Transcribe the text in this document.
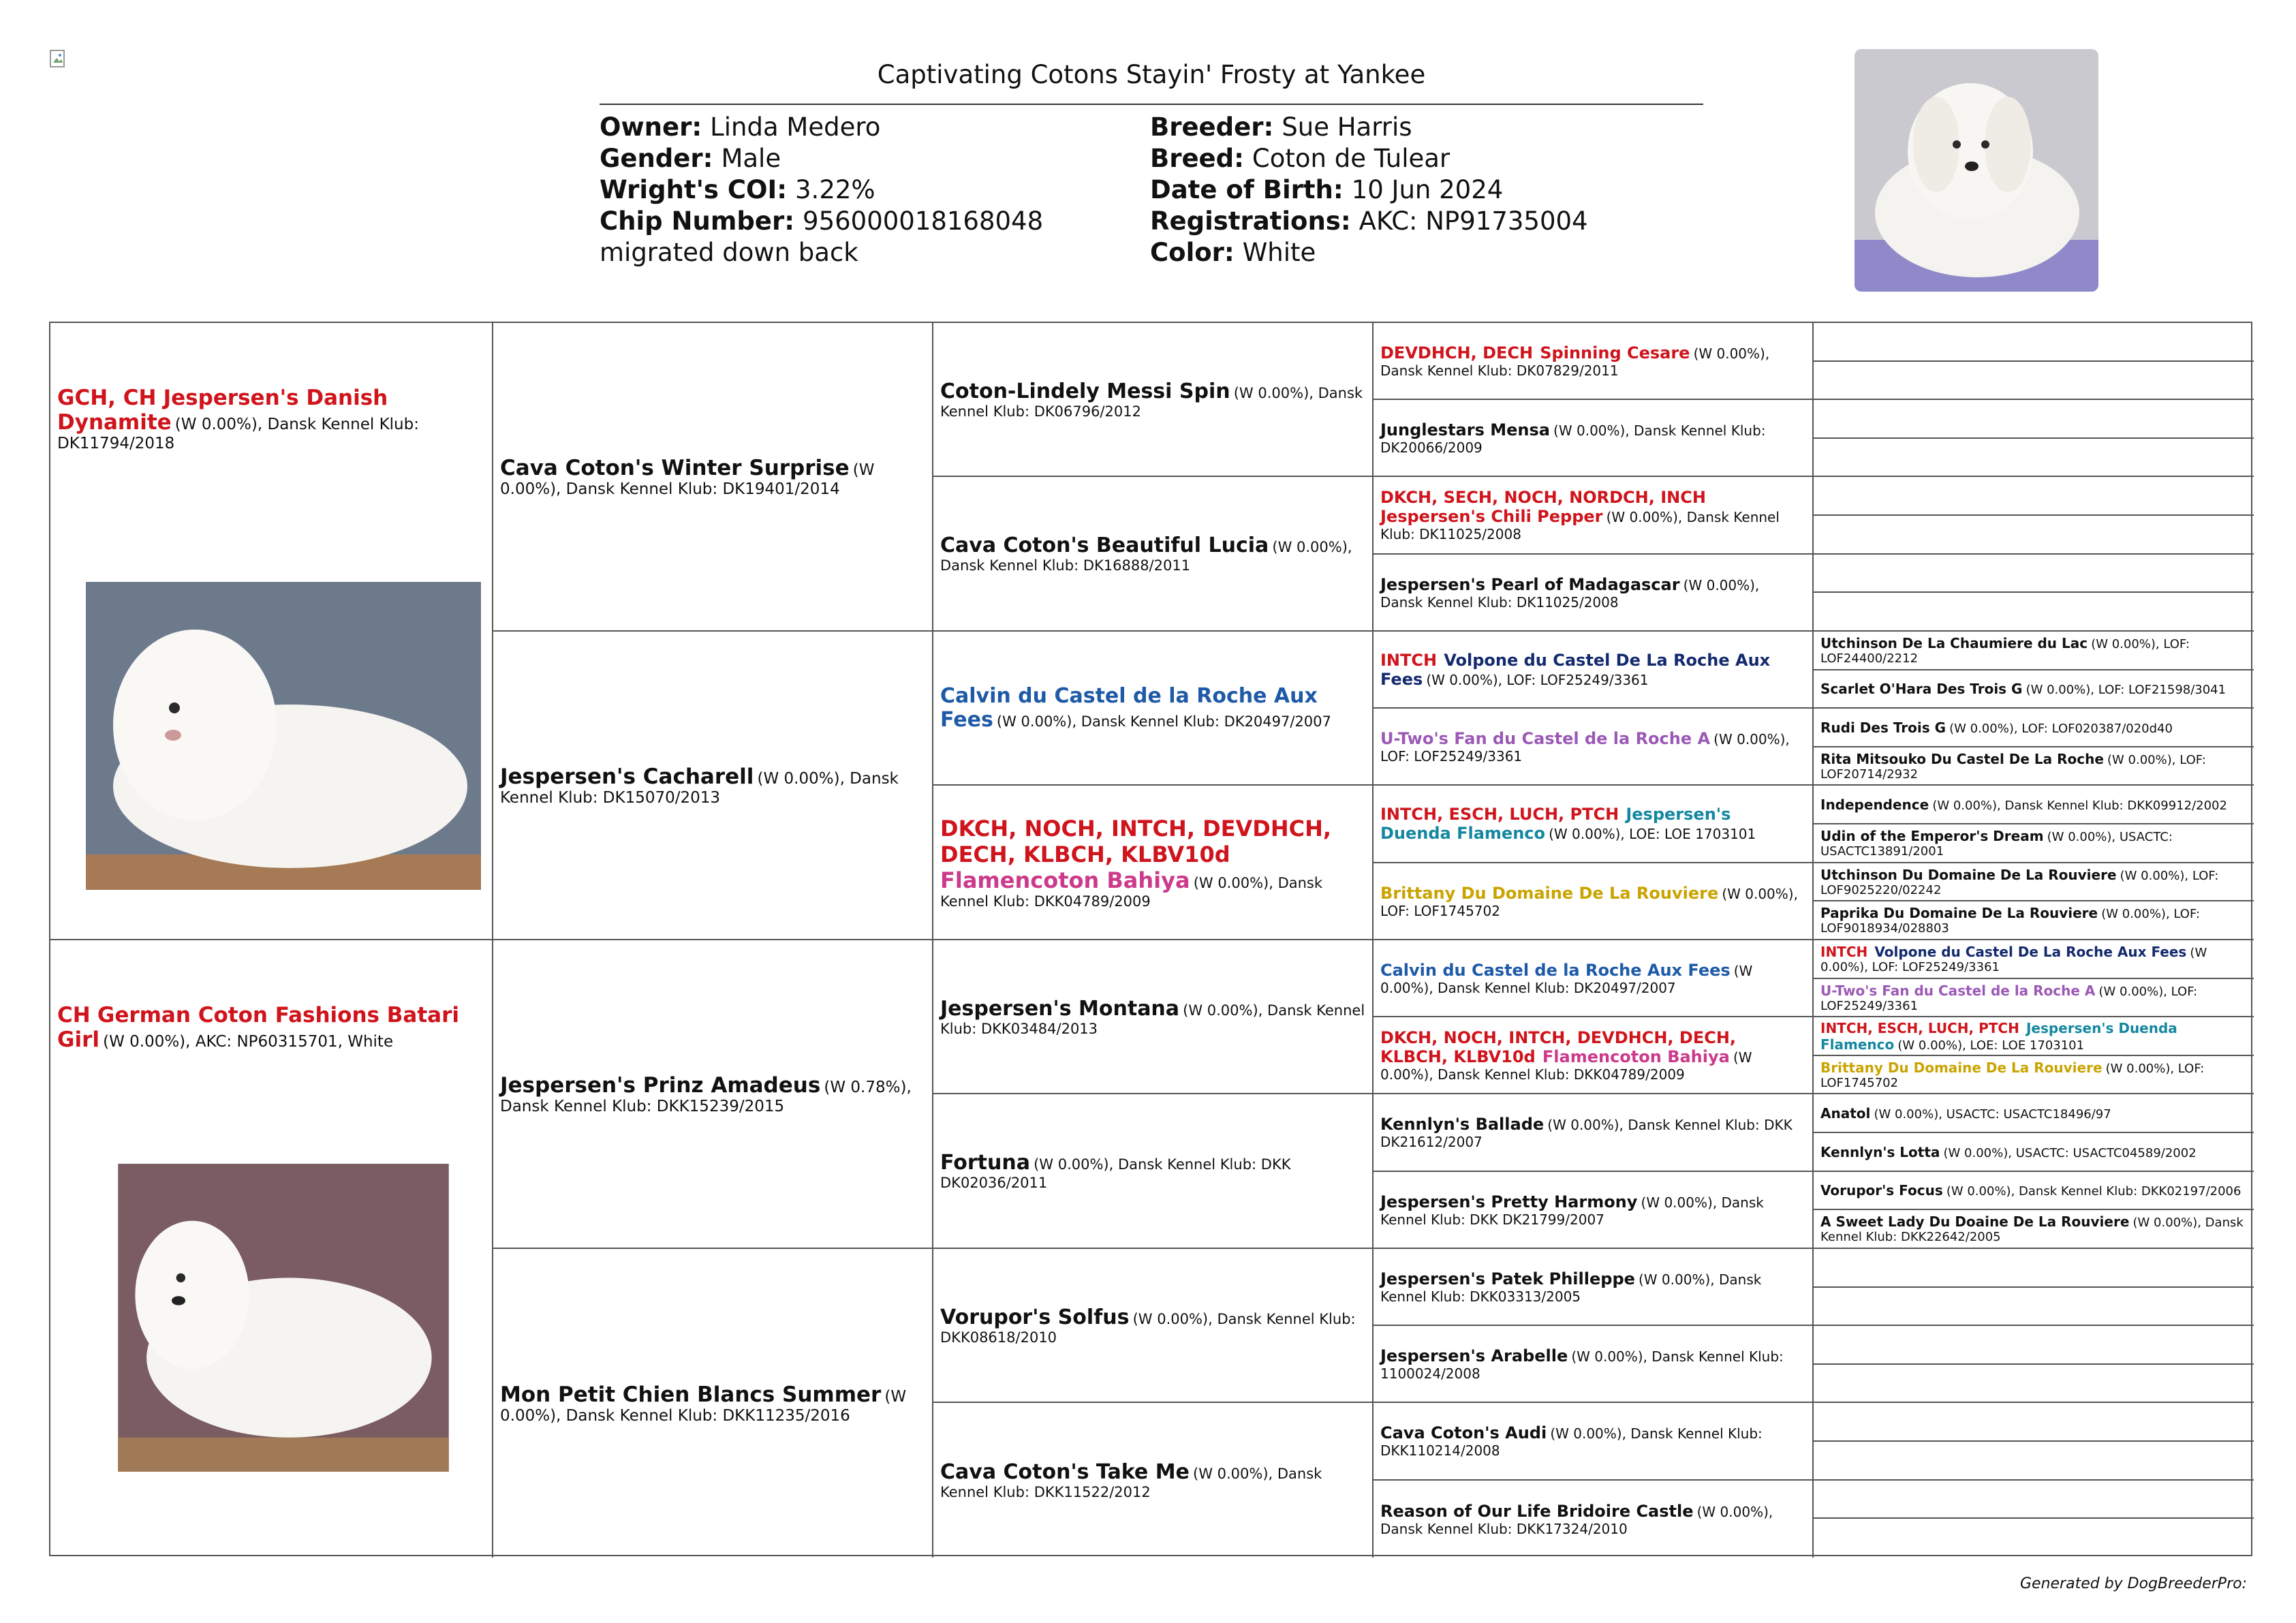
Captivating Cotons Stayin' Frosty at Yankee
Owner: Linda Medero
Gender: Male
Wright's COI: 3.22%
Chip Number: 956000018168048 migrated down back
Breeder: Sue Harris
Breed: Coton de Tulear
Date of Birth: 10 Jun 2024
Registrations: AKC: NP91735004
Color: White
GCH, CH Jespersen's Danish Dynamite (W 0.00%), Dansk Kennel Klub: DK11794/2018
CH German Coton Fashions Batari Girl (W 0.00%), AKC: NP60315701, White
Cava Coton's Winter Surprise (W 0.00%), Dansk Kennel Klub: DK19401/2014
Jespersen's Cacharell (W 0.00%), Dansk Kennel Klub: DK15070/2013
Jespersen's Prinz Amadeus (W 0.78%), Dansk Kennel Klub: DKK15239/2015
Mon Petit Chien Blancs Summer (W 0.00%), Dansk Kennel Klub: DKK11235/2016
Coton-Lindely Messi Spin (W 0.00%), Dansk Kennel Klub: DK06796/2012
Cava Coton's Beautiful Lucia (W 0.00%), Dansk Kennel Klub: DK16888/2011
Calvin du Castel de la Roche Aux Fees (W 0.00%), Dansk Kennel Klub: DK20497/2007
DKCH, NOCH, INTCH, DEVDHCH, DECH, KLBCH, KLBV10d  Flamencoton Bahiya (W 0.00%), Dansk Kennel Klub: DKK04789/2009
Jespersen's Montana (W 0.00%), Dansk Kennel Klub: DKK03484/2013
Fortuna (W 0.00%), Dansk Kennel Klub: DKK DK02036/2011
Vorupor's Solfus (W 0.00%), Dansk Kennel Klub: DKK08618/2010
Cava Coton's Take Me (W 0.00%), Dansk Kennel Klub: DKK11522/2012
DEVDHCH, DECH Spinning Cesare (W 0.00%), Dansk Kennel Klub: DK07829/2011
Junglestars Mensa (W 0.00%), Dansk Kennel Klub: DK20066/2009
DKCH, SECH, NOCH, NORDCH, INCH  Jespersen's Chili Pepper (W 0.00%), Dansk Kennel Klub: DK11025/2008
Jespersen's Pearl of Madagascar (W 0.00%), Dansk Kennel Klub: DK11025/2008
INTCH Volpone du Castel De La Roche Aux Fees (W 0.00%), LOF: LOF25249/3361
U-Two's Fan du Castel de la Roche A (W 0.00%), LOF: LOF25249/3361
INTCH, ESCH, LUCH, PTCH Jespersen's Duenda Flamenco (W 0.00%), LOE: LOE 1703101
Brittany Du Domaine De La Rouviere (W 0.00%), LOF: LOF1745702
Calvin du Castel de la Roche Aux Fees (W 0.00%), Dansk Kennel Klub: DK20497/2007
DKCH, NOCH, INTCH, DEVDHCH, DECH, KLBCH, KLBV10d Flamencoton Bahiya (W 0.00%), Dansk Kennel Klub: DKK04789/2009
Kennlyn's Ballade (W 0.00%), Dansk Kennel Klub: DKK DK21612/2007
Jespersen's Pretty Harmony (W 0.00%), Dansk Kennel Klub: DKK DK21799/2007
Jespersen's Patek Philleppe (W 0.00%), Dansk Kennel Klub: DKK03313/2005
Jespersen's Arabelle (W 0.00%), Dansk Kennel Klub: 1100024/2008
Cava Coton's Audi (W 0.00%), Dansk Kennel Klub: DKK110214/2008
Reason of Our Life Bridoire Castle (W 0.00%), Dansk Kennel Klub: DKK17324/2010
Utchinson De La Chaumiere du Lac (W 0.00%), LOF: LOF24400/2212
Scarlet O'Hara Des Trois G (W 0.00%), LOF: LOF21598/3041
Rudi Des Trois G (W 0.00%), LOF: LOF020387/020d40
Rita Mitsouko Du Castel De La Roche (W 0.00%), LOF: LOF20714/2932
Independence (W 0.00%), Dansk Kennel Klub: DKK09912/2002
Udin of the Emperor's Dream (W 0.00%), USACTC: USACTC13891/2001
Utchinson Du Domaine De La Rouviere (W 0.00%), LOF: LOF9025220/02242
Paprika Du Domaine De La Rouviere (W 0.00%), LOF: LOF9018934/028803
INTCH Volpone du Castel De La Roche Aux Fees (W 0.00%), LOF: LOF25249/3361
U-Two's Fan du Castel de la Roche A (W 0.00%), LOF: LOF25249/3361
INTCH, ESCH, LUCH, PTCH Jespersen's Duenda Flamenco (W 0.00%), LOE: LOE 1703101
Brittany Du Domaine De La Rouviere (W 0.00%), LOF: LOF1745702
Anatol (W 0.00%), USACTC: USACTC18496/97
Kennlyn's Lotta (W 0.00%), USACTC: USACTC04589/2002
Vorupor's Focus (W 0.00%), Dansk Kennel Klub: DKK02197/2006
A Sweet Lady Du Doaine De La Rouviere (W 0.00%), Dansk Kennel Klub: DKK22642/2005
Generated by DogBreederPro:
